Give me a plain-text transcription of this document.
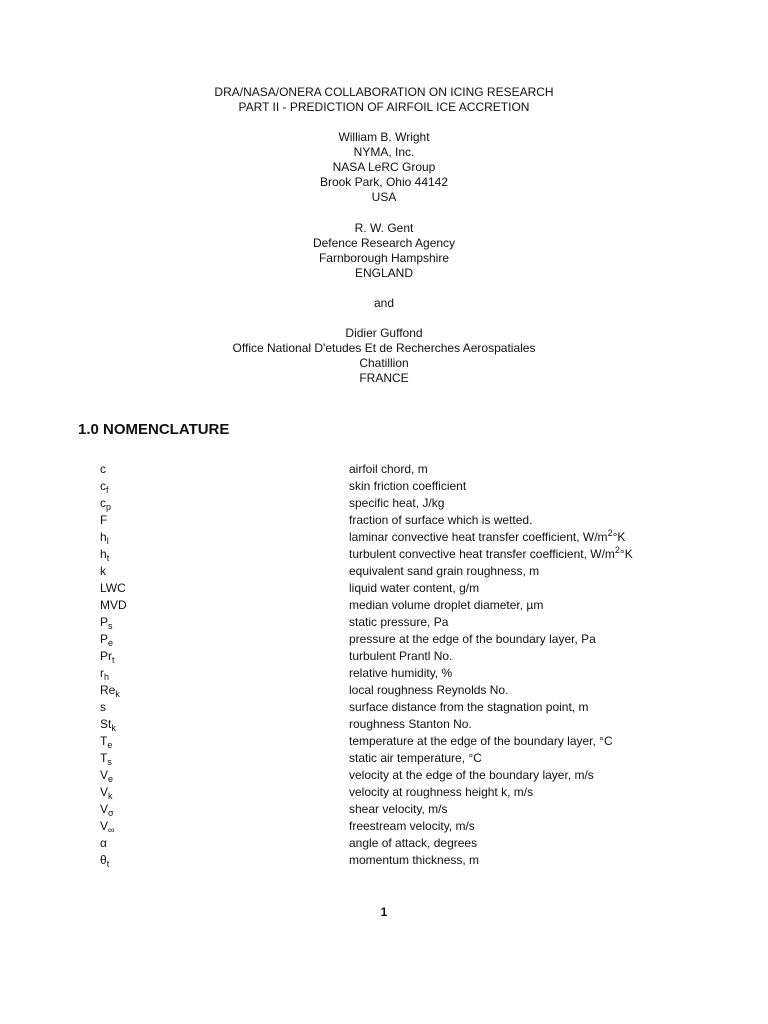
DRA/NASA/ONERA COLLABORATION ON ICING RESEARCH
PART II - PREDICTION OF AIRFOIL ICE ACCRETION
William B. Wright
NYMA, Inc.
NASA LeRC Group
Brook Park, Ohio 44142
USA
R. W. Gent
Defence Research Agency
Farnborough Hampshire
ENGLAND
and
Didier Guffond
Office National D'etudes Et de Recherches Aerospatiales
Chatillion
FRANCE
1.0 NOMENCLATURE
c	airfoil chord, m
$c_f$	skin friction coefficient
$c_p$	specific heat, J/kg
F	fraction of surface which is wetted.
$h_l$	laminar convective heat transfer coefficient, $W/m^2^\circ K$
$h_t$	turbulent convective heat transfer coefficient, $W/m^2^\circ K$
k	equivalent sand grain roughness, m
LWC	liquid water content, g/m
MVD	median volume droplet diameter, µm
$P_s$	static pressure, Pa
$P_e$	pressure at the edge of the boundary layer, Pa
$Pr_t$	turbulent Prantl No.
$r_h$	relative humidity, %
$Re_k$	local roughness Reynolds No.
s	surface distance from the stagnation point, m
$St_k$	roughness Stanton No.
$T_e$	temperature at the edge of the boundary layer, °C
$T_s$	static air temperature, °C
$V_e$	velocity at the edge of the boundary layer, m/s
$V_k$	velocity at roughness height k, m/s
$V_\sigma$	shear velocity, m/s
$V_\infty$	freestream velocity, m/s
α	angle of attack, degrees
$\theta_t$	momentum thickness, m
1
